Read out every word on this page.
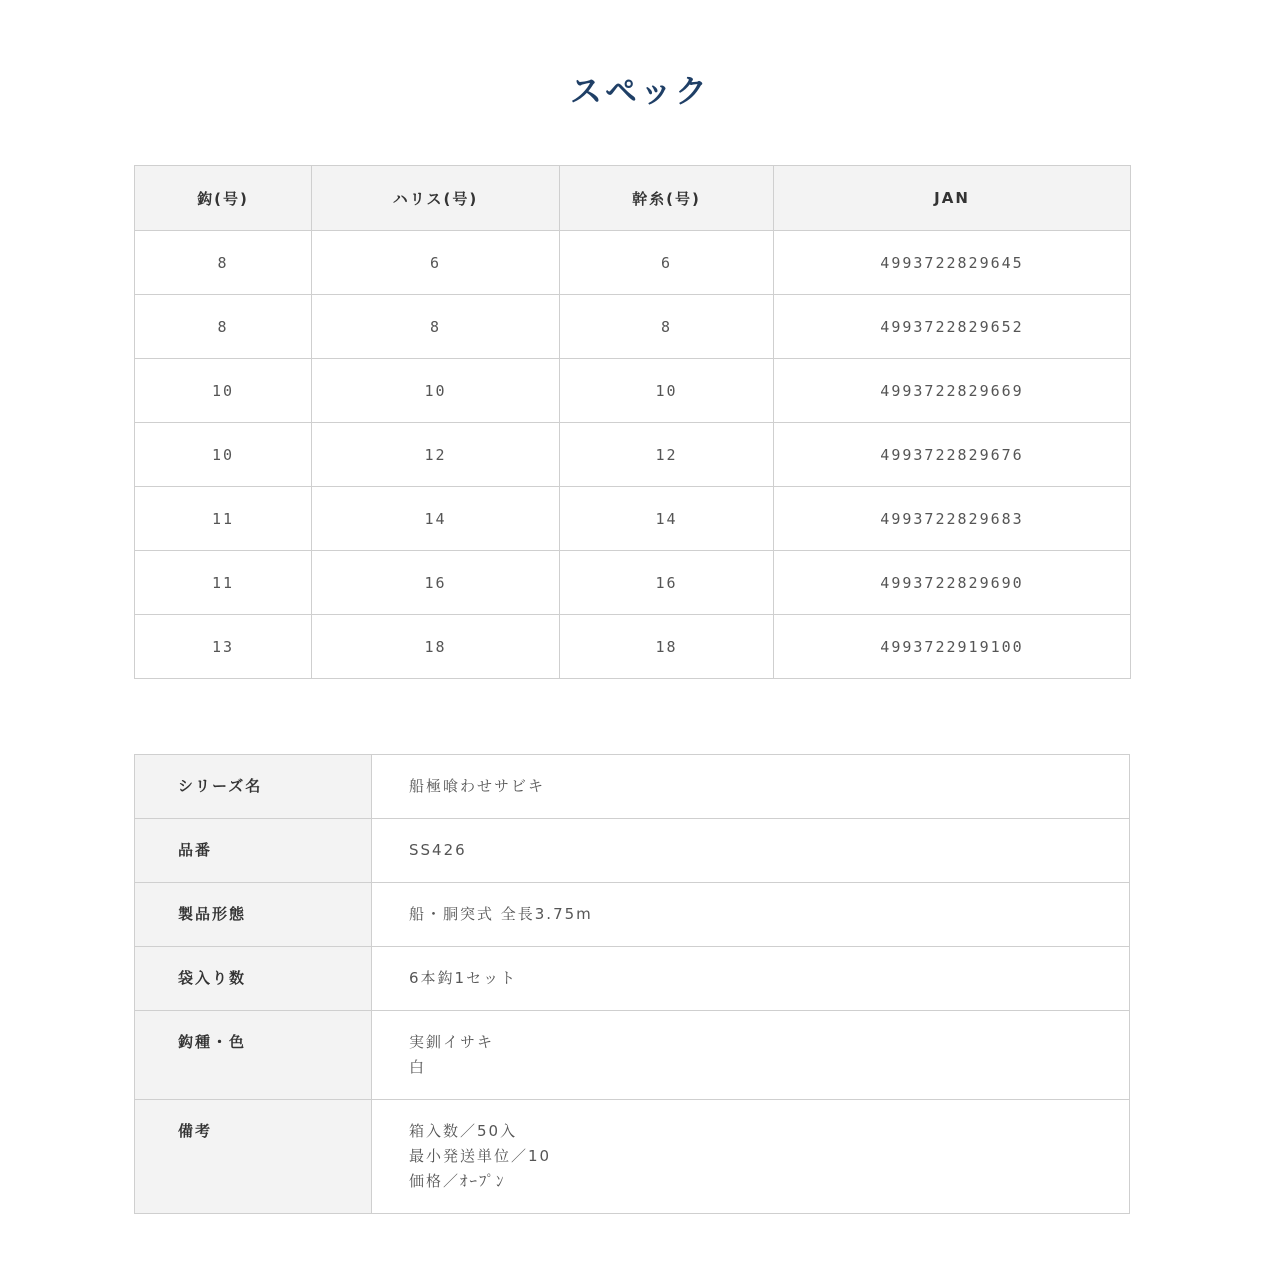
スペック
鈎(号)	ハリス(号)	幹糸(号)	JAN
8	6	6	4993722829645
8	8	8	4993722829652
10	10	10	4993722829669
10	12	12	4993722829676
11	14	14	4993722829683
11	16	16	4993722829690
13	18	18	4993722919100
シリーズ名	船極喰わせサビキ
品番	SS426
製品形態	船・胴突式 全長3.75m
袋入り数	6本鈎1セット
鈎種・色	実釧イサキ
白

備考	箱入数／50入
最小発送単位／10
価格／ｵｰﾌﾟﾝ
